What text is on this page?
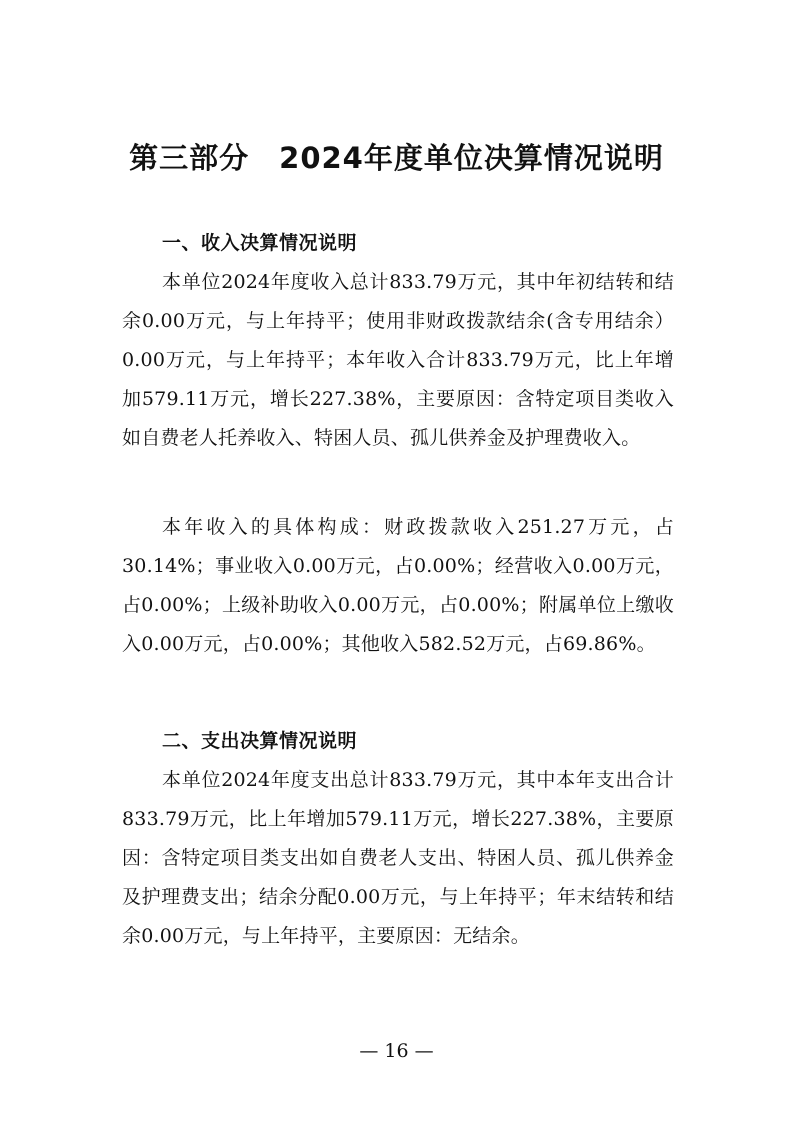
第三部分　2024年度单位决算情况说明
一、收入决算情况说明

本单位2024年度收入总计833.79万元，其中年初结转和结余0.00万元，与上年持平；使用非财政拨款结余(含专用结余）0.00万元，与上年持平；本年收入合计833.79万元，比上年增加579.11万元，增长227.38%，主要原因：含特定项目类收入如自费老人托养收入、特困人员、孤儿供养金及护理费收入。

本年收入的具体构成：财政拨款收入251.27万元，占30.14%；事业收入0.00万元，占0.00%；经营收入0.00万元，占0.00%；上级补助收入0.00万元，占0.00%；附属单位上缴收入0.00万元，占0.00%；其他收入582.52万元，占69.86%。

二、支出决算情况说明

本单位2024年度支出总计833.79万元，其中本年支出合计833.79万元，比上年增加579.11万元，增长227.38%，主要原因：含特定项目类支出如自费老人支出、特困人员、孤儿供养金及护理费支出；结余分配0.00万元，与上年持平；年末结转和结余0.00万元，与上年持平，主要原因：无结余。

— 16 —
